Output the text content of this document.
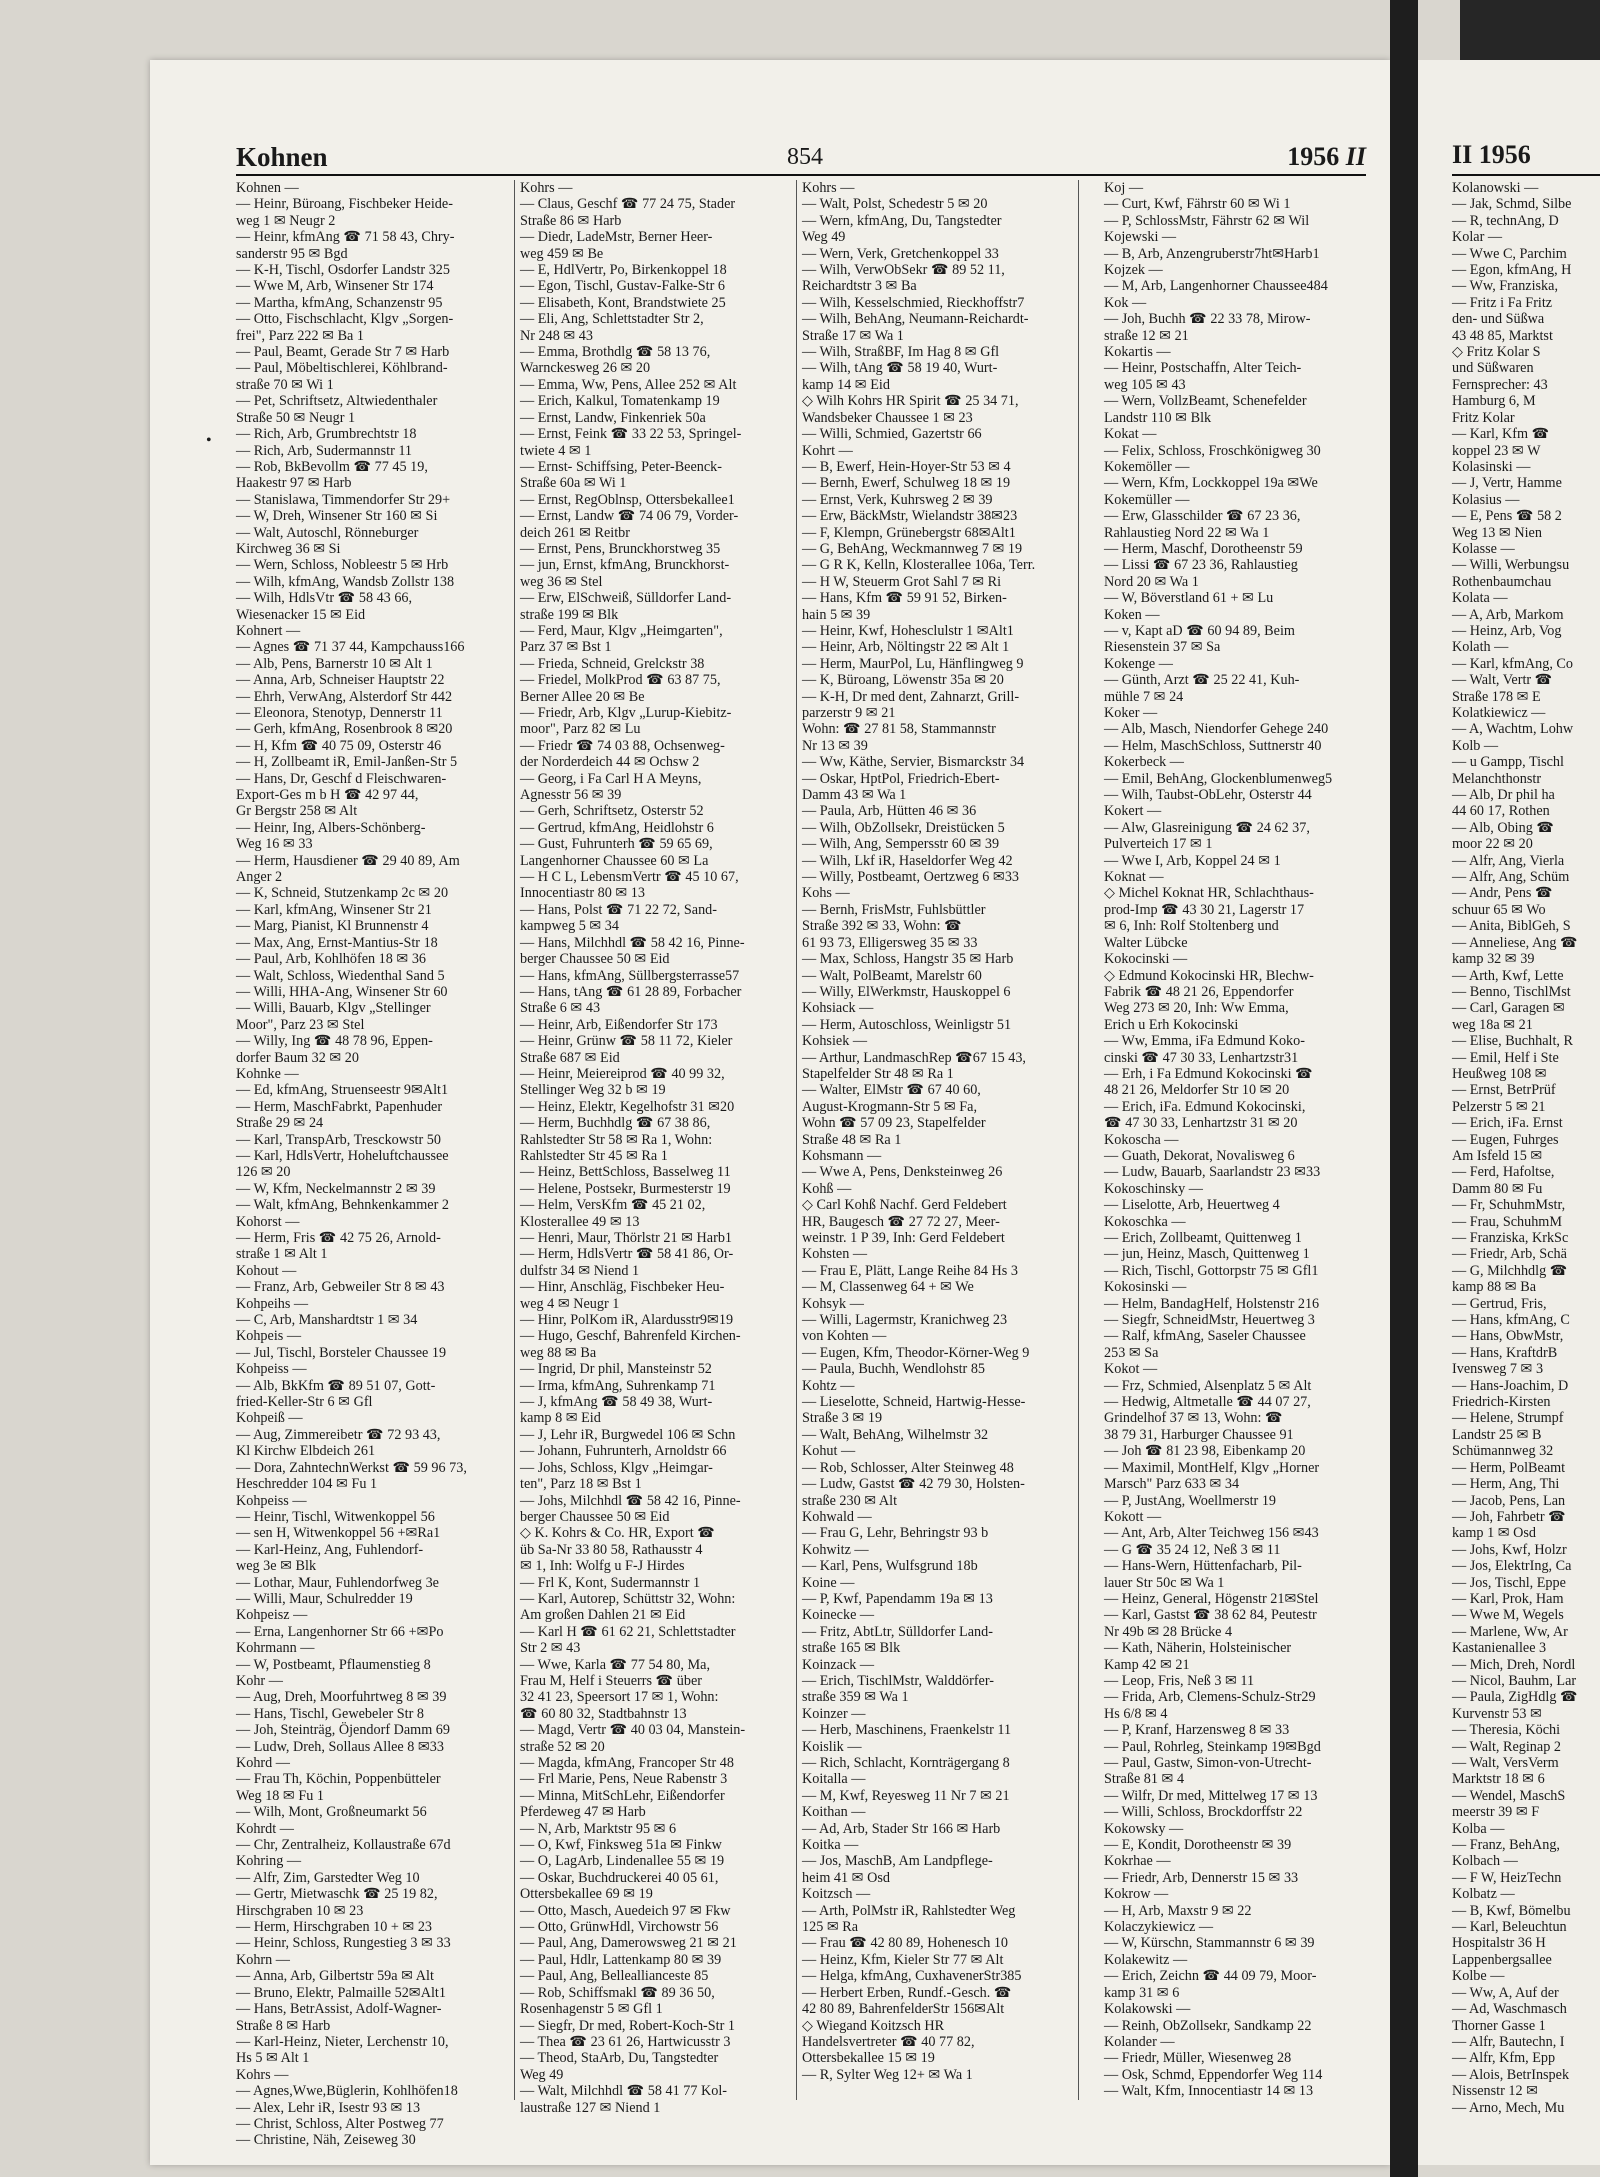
Kohnen	854	1956 II	II 1956
•
Kohnen —
— Heinr, Büroang, Fischbeker Heide-
weg 1 ✉ Neugr 2
— Heinr, kfmAng ☎ 71 58 43, Chry-
sanderstr 95 ✉ Bgd
— K-H, Tischl, Osdorfer Landstr 325
— Wwe M, Arb, Winsener Str 174
— Martha, kfmAng, Schanzenstr 95
— Otto, Fischschlacht, Klgv „Sorgen-
frei", Parz 222 ✉ Ba 1
— Paul, Beamt, Gerade Str 7 ✉ Harb
— Paul, Möbeltischlerei, Köhlbrand-
straße 70 ✉ Wi 1
— Pet, Schriftsetz, Altwiedenthaler
Straße 50 ✉ Neugr 1
— Rich, Arb, Grumbrechtstr 18
— Rich, Arb, Sudermannstr 11
— Rob, BkBevollm ☎ 77 45 19,
Haakestr 97 ✉ Harb
— Stanislawa, Timmendorfer Str 29+
— W, Dreh, Winsener Str 160 ✉ Si
— Walt, Autoschl, Rönneburger
Kirchweg 36 ✉ Si
— Wern, Schloss, Nobleestr 5 ✉ Hrb
— Wilh, kfmAng, Wandsb Zollstr 138
— Wilh, HdlsVtr ☎ 58 43 66,
Wiesenacker 15 ✉ Eid
Kohnert —
— Agnes ☎ 71 37 44, Kampchauss166
— Alb, Pens, Barnerstr 10 ✉ Alt 1
— Anna, Arb, Schneiser Hauptstr 22
— Ehrh, VerwAng, Alsterdorf Str 442
— Eleonora, Stenotyp, Dennerstr 11
— Gerh, kfmAng, Rosenbrook 8 ✉20
— H, Kfm ☎ 40 75 09, Osterstr 46
— H, Zollbeamt iR, Emil-Janßen-Str 5
— Hans, Dr, Geschf d Fleischwaren-
Export-Ges m b H ☎ 42 97 44,
Gr Bergstr 258 ✉ Alt
— Heinr, Ing, Albers-Schönberg-
Weg 16 ✉ 33
— Herm, Hausdiener ☎ 29 40 89, Am
Anger 2
— K, Schneid, Stutzenkamp 2c ✉ 20
— Karl, kfmAng, Winsener Str 21
— Marg, Pianist, Kl Brunnenstr 4
— Max, Ang, Ernst-Mantius-Str 18
— Paul, Arb, Kohlhöfen 18 ✉ 36
— Walt, Schloss, Wiedenthal Sand 5
— Willi, HHA-Ang, Winsener Str 60
— Willi, Bauarb, Klgv „Stellinger
Moor", Parz 23 ✉ Stel
— Willy, Ing ☎ 48 78 96, Eppen-
dorfer Baum 32 ✉ 20
Kohnke —
— Ed, kfmAng, Struenseestr 9✉Alt1
— Herm, MaschFabrkt, Papenhuder
Straße 29 ✉ 24
— Karl, TranspArb, Tresckowstr 50
— Karl, HdlsVertr, Hoheluftchaussee
126 ✉ 20
— W, Kfm, Neckelmannstr 2 ✉ 39
— Walt, kfmAng, Behnkenkammer 2
Kohorst —
— Herm, Fris ☎ 42 75 26, Arnold-
straße 1 ✉ Alt 1
Kohout —
— Franz, Arb, Gebweiler Str 8 ✉ 43
Kohpeihs —
— C, Arb, Manshardtstr 1 ✉ 34
Kohpeis —
— Jul, Tischl, Borsteler Chaussee 19
Kohpeiss —
— Alb, BkKfm ☎ 89 51 07, Gott-
fried-Keller-Str 6 ✉ Gfl
Kohpeiß —
— Aug, Zimmereibetr ☎ 72 93 43,
Kl Kirchw Elbdeich 261
— Dora, ZahntechnWerkst ☎ 59 96 73,
Heschredder 104 ✉ Fu 1
Kohpeiss —
— Heinr, Tischl, Witwenkoppel 56
— sen H, Witwenkoppel 56 +✉Ra1
— Karl-Heinz, Ang, Fuhlendorf-
weg 3e ✉ Blk
— Lothar, Maur, Fuhlendorfweg 3e
— Willi, Maur, Schulredder 19
Kohpeisz —
— Erna, Langenhorner Str 66 +✉Po
Kohrmann —
— W, Postbeamt, Pflaumenstieg 8
Kohr —
— Aug, Dreh, Moorfuhrtweg 8 ✉ 39
— Hans, Tischl, Gewebeler Str 8
— Joh, Steinträg, Öjendorf Damm 69
— Ludw, Dreh, Sollaus Allee 8 ✉33
Kohrd —
— Frau Th, Köchin, Poppenbütteler
Weg 18 ✉ Fu 1
— Wilh, Mont, Großneumarkt 56
Kohrdt —
— Chr, Zentralheiz, Kollaustraße 67d
Kohring —
— Alfr, Zim, Garstedter Weg 10
— Gertr, Mietwaschk ☎ 25 19 82,
Hirschgraben 10 ✉ 23
— Herm, Hirschgraben 10 + ✉ 23
— Heinr, Schloss, Rungestieg 3 ✉ 33
Kohrn —
— Anna, Arb, Gilbertstr 59a ✉ Alt
— Bruno, Elektr, Palmaille 52✉Alt1
— Hans, BetrAssist, Adolf-Wagner-
Straße 8 ✉ Harb
— Karl-Heinz, Nieter, Lerchenstr 10,
Hs 5 ✉ Alt 1
Kohrs —
— Agnes,Wwe,Büglerin, Kohlhöfen18
— Alex, Lehr iR, Isestr 93 ✉ 13
— Christ, Schloss, Alter Postweg 77
— Christine, Näh, Zeiseweg 30
Kohrs —
— Claus, Geschf ☎ 77 24 75, Stader
Straße 86 ✉ Harb
— Diedr, LadeMstr, Berner Heer-
weg 459 ✉ Be
— E, HdlVertr, Po, Birkenkoppel 18
— Egon, Tischl, Gustav-Falke-Str 6
— Elisabeth, Kont, Brandstwiete 25
— Eli, Ang, Schlettstadter Str 2,
Nr 248 ✉ 43
— Emma, Brothdlg ☎ 58 13 76,
Warnckesweg 26 ✉ 20
— Emma, Ww, Pens, Allee 252 ✉ Alt
— Erich, Kalkul, Tomatenkamp 19
— Ernst, Landw, Finkenriek 50a
— Ernst, Feink ☎ 33 22 53, Springel-
twiete 4 ✉ 1
— Ernst- Schiffsing, Peter-Beenck-
Straße 60a ✉ Wi 1
— Ernst, RegOblnsp, Ottersbekallee1
— Ernst, Landw ☎ 74 06 79, Vorder-
deich 261 ✉ Reitbr
— Ernst, Pens, Brunckhorstweg 35
— jun, Ernst, kfmAng, Brunckhorst-
weg 36 ✉ Stel
— Erw, ElSchweiß, Sülldorfer Land-
straße 199 ✉ Blk
— Ferd, Maur, Klgv „Heimgarten",
Parz 37 ✉ Bst 1
— Frieda, Schneid, Grelckstr 38
— Friedel, MolkProd ☎ 63 87 75,
Berner Allee 20 ✉ Be
— Friedr, Arb, Klgv „Lurup-Kiebitz-
moor", Parz 82 ✉ Lu
— Friedr ☎ 74 03 88, Ochsenweg-
der Norderdeich 44 ✉ Ochsw 2
— Georg, i Fa Carl H A Meyns,
Agnesstr 56 ✉ 39
— Gerh, Schriftsetz, Osterstr 52
— Gertrud, kfmAng, Heidlohstr 6
— Gust, Fuhrunterh ☎ 59 65 69,
Langenhorner Chaussee 60 ✉ La
— H C L, LebensmVertr ☎ 45 10 67,
Innocentiastr 80 ✉ 13
— Hans, Polst ☎ 71 22 72, Sand-
kampweg 5 ✉ 34
— Hans, Milchhdl ☎ 58 42 16, Pinne-
berger Chaussee 50 ✉ Eid
— Hans, kfmAng, Süllbergsterrasse57
— Hans, tAng ☎ 61 28 89, Forbacher
Straße 6 ✉ 43
— Heinr, Arb, Eißendorfer Str 173
— Heinr, Grünw ☎ 58 11 72, Kieler
Straße 687 ✉ Eid
— Heinr, Meiereiprod ☎ 40 99 32,
Stellinger Weg 32 b ✉ 19
— Heinz, Elektr, Kegelhofstr 31 ✉20
— Herm, Buchhdlg ☎ 67 38 86,
Rahlstedter Str 58 ✉ Ra 1, Wohn:
Rahlstedter Str 45 ✉ Ra 1
— Heinz, BettSchloss, Basselweg 11
— Helene, Postsekr, Burmesterstr 19
— Helm, VersKfm ☎ 45 21 02,
Klosterallee 49 ✉ 13
— Henri, Maur, Thörlstr 21 ✉ Harb1
— Herm, HdlsVertr ☎ 58 41 86, Or-
dulfstr 34 ✉ Niend 1
— Hinr, Anschläg, Fischbeker Heu-
weg 4 ✉ Neugr 1
— Hinr, PolKom iR, Alardusstr9✉19
— Hugo, Geschf, Bahrenfeld Kirchen-
weg 88 ✉ Ba
— Ingrid, Dr phil, Mansteinstr 52
— Irma, kfmAng, Suhrenkamp 71
— J, kfmAng ☎ 58 49 38, Wurt-
kamp 8 ✉ Eid
— J, Lehr iR, Burgwedel 106 ✉ Schn
— Johann, Fuhrunterh, Arnoldstr 66
— Johs, Schloss, Klgv „Heimgar-
ten", Parz 18 ✉ Bst 1
— Johs, Milchhdl ☎ 58 42 16, Pinne-
berger Chaussee 50 ✉ Eid
◇ K. Kohrs & Co. HR, Export ☎
üb Sa-Nr 33 80 58, Rathausstr 4
✉ 1, Inh: Wolfg u F-J Hirdes
— Frl K, Kont, Sudermannstr 1
— Karl, Autorep, Schüttstr 32, Wohn:
Am großen Dahlen 21 ✉ Eid
— Karl H ☎ 61 62 21, Schlettstadter
Str 2 ✉ 43
— Wwe, Karla ☎ 77 54 80, Ma,
Frau M, Helf i Steuerrs ☎ über
32 41 23, Speersort 17 ✉ 1, Wohn:
☎ 60 80 32, Stadtbahnstr 13
— Magd, Vertr ☎ 40 03 04, Manstein-
straße 52 ✉ 20
— Magda, kfmAng, Francoper Str 48
— Frl Marie, Pens, Neue Rabenstr 3
— Minna, MitSchLehr, Eißendorfer
Pferdeweg 47 ✉ Harb
— N, Arb, Marktstr 95 ✉ 6
— O, Kwf, Finksweg 51a ✉ Finkw
— O, LagArb, Lindenallee 55 ✉ 19
— Oskar, Buchdruckerei 40 05 61,
Ottersbekallee 69 ✉ 19
— Otto, Masch, Auedeich 97 ✉ Fkw
— Otto, GrünwHdl, Virchowstr 56
— Paul, Ang, Damerowsweg 21 ✉ 21
— Paul, Hdlr, Lattenkamp 80 ✉ 39
— Paul, Ang, Belleallianceste 85
— Rob, Schiffsmakl ☎ 89 36 50,
Rosenhagenstr 5 ✉ Gfl 1
— Siegfr, Dr med, Robert-Koch-Str 1
— Thea ☎ 23 61 26, Hartwicusstr 3
— Theod, StaArb, Du, Tangstedter
Weg 49
— Walt, Milchhdl ☎ 58 41 77 Kol-
laustraße 127 ✉ Niend 1
Kohrs —
— Walt, Polst, Schedestr 5 ✉ 20
— Wern, kfmAng, Du, Tangstedter
Weg 49
— Wern, Verk, Gretchenkoppel 33
— Wilh, VerwObSekr ☎ 89 52 11,
Reichardtstr 3 ✉ Ba
— Wilh, Kesselschmied, Rieckhoffstr7
— Wilh, BehAng, Neumann-Reichardt-
Straße 17 ✉ Wa 1
— Wilh, StraßBF, Im Hag 8 ✉ Gfl
— Wilh, tAng ☎ 58 19 40, Wurt-
kamp 14 ✉ Eid
◇ Wilh Kohrs HR Spirit ☎ 25 34 71,
Wandsbeker Chaussee 1 ✉ 23
— Willi, Schmied, Gazertstr 66
Kohrt —
— B, Ewerf, Hein-Hoyer-Str 53 ✉ 4
— Bernh, Ewerf, Schulweg 18 ✉ 19
— Ernst, Verk, Kuhrsweg 2 ✉ 39
— Erw, BäckMstr, Wielandstr 38✉23
— F, Klempn, Grünebergstr 68✉Alt1
— G, BehAng, Weckmannweg 7 ✉ 19
— G R K, Kelln, Klosterallee 106a, Terr.
— H W, Steuerm Grot Sahl 7 ✉ Ri
— Hans, Kfm ☎ 59 91 52, Birken-
hain 5 ✉ 39
— Heinr, Kwf, Hohesclulstr 1 ✉Alt1
— Heinr, Arb, Nöltingstr 22 ✉ Alt 1
— Herm, MaurPol, Lu, Hänflingweg 9
— K, Büroang, Löwenstr 35a ✉ 20
— K-H, Dr med dent, Zahnarzt, Grill-
parzerstr 9 ✉ 21
Wohn: ☎ 27 81 58, Stammannstr
Nr 13 ✉ 39
— Ww, Käthe, Servier, Bismarckstr 34
— Oskar, HptPol, Friedrich-Ebert-
Damm 43 ✉ Wa 1
— Paula, Arb, Hütten 46 ✉ 36
— Wilh, ObZollsekr, Dreistücken 5
— Wilh, Ang, Sempersstr 60 ✉ 39
— Wilh, Lkf iR, Haseldorfer Weg 42
— Willy, Postbeamt, Oertzweg 6 ✉33
Kohs —
— Bernh, FrisMstr, Fuhlsbüttler
Straße 392 ✉ 33, Wohn: ☎
61 93 73, Elligersweg 35 ✉ 33
— Max, Schloss, Hangstr 35 ✉ Harb
— Walt, PolBeamt, Marelstr 60
— Willy, ElWerkmstr, Hauskoppel 6
Kohsiack —
— Herm, Autoschloss, Weinligstr 51
Kohsiek —
— Arthur, LandmaschRep ☎67 15 43,
Stapelfelder Str 48 ✉ Ra 1
— Walter, ElMstr ☎ 67 40 60,
August-Krogmann-Str 5 ✉ Fa,
Wohn ☎ 57 09 23, Stapelfelder
Straße 48 ✉ Ra 1
Kohsmann —
— Wwe A, Pens, Denksteinweg 26
Kohß —
◇ Carl Kohß Nachf. Gerd Feldebert
HR, Baugesch ☎ 27 72 27, Meer-
weinstr. 1 P 39, Inh: Gerd Feldebert
Kohsten —
— Frau E, Plätt, Lange Reihe 84 Hs 3
— M, Classenweg 64 + ✉ We
Kohsyk —
— Willi, Lagermstr, Kranichweg 23
von Kohten —
— Eugen, Kfm, Theodor-Körner-Weg 9
— Paula, Buchh, Wendlohstr 85
Kohtz —
— Lieselotte, Schneid, Hartwig-Hesse-
Straße 3 ✉ 19
— Walt, BehAng, Wilhelmstr 32
Kohut —
— Rob, Schlosser, Alter Steinweg 48
— Ludw, Gastst ☎ 42 79 30, Holsten-
straße 230 ✉ Alt
Kohwald —
— Frau G, Lehr, Behringstr 93 b
Kohwitz —
— Karl, Pens, Wulfsgrund 18b
Koine —
— P, Kwf, Papendamm 19a ✉ 13
Koinecke —
— Fritz, AbtLtr, Sülldorfer Land-
straße 165 ✉ Blk
Koinzack —
— Erich, TischlMstr, Walddörfer-
straße 359 ✉ Wa 1
Koinzer —
— Herb, Maschinens, Fraenkelstr 11
Koislik —
— Rich, Schlacht, Kornträgergang 8
Koitalla —
— M, Kwf, Reyesweg 11 Nr 7 ✉ 21
Koithan —
— Ad, Arb, Stader Str 166 ✉ Harb
Koitka —
— Jos, MaschB, Am Landpflege-
heim 41 ✉ Osd
Koitzsch —
— Arth, PolMstr iR, Rahlstedter Weg
125 ✉ Ra
— Frau ☎ 42 80 89, Hohenesch 10
— Heinz, Kfm, Kieler Str 77 ✉ Alt
— Helga, kfmAng, CuxhavenerStr385
— Herbert Erben, Rundf.-Gesch. ☎
42 80 89, BahrenfelderStr 156✉Alt
◇ Wiegand Koitzsch HR
Handelsvertreter ☎ 40 77 82,
Ottersbekallee 15 ✉ 19
— R, Sylter Weg 12+ ✉ Wa 1
Koj —
— Curt, Kwf, Fährstr 60 ✉ Wi 1
— P, SchlossMstr, Fährstr 62 ✉ Wil
Kojewski —
— B, Arb, Anzengruberstr7ht✉Harb1
Kojzek —
— M, Arb, Langenhorner Chaussee484
Kok —
— Joh, Buchh ☎ 22 33 78, Mirow-
straße 12 ✉ 21
Kokartis —
— Heinr, Postschaffn, Alter Teich-
weg 105 ✉ 43
— Wern, VollzBeamt, Schenefelder
Landstr 110 ✉ Blk
Kokat —
— Felix, Schloss, Froschkönigweg 30
Kokemöller —
— Wern, Kfm, Lockkoppel 19a ✉We
Kokemüller —
— Erw, Glasschilder ☎ 67 23 36,
Rahlaustieg Nord 22 ✉ Wa 1
— Herm, Maschf, Dorotheenstr 59
— Lissi ☎ 67 23 36, Rahlaustieg
Nord 20 ✉ Wa 1
— W, Böverstland 61 + ✉ Lu
Koken —
— v, Kapt aD ☎ 60 94 89, Beim
Riesenstein 37 ✉ Sa
Kokenge —
— Günth, Arzt ☎ 25 22 41, Kuh-
mühle 7 ✉ 24
Koker —
— Alb, Masch, Niendorfer Gehege 240
— Helm, MaschSchloss, Suttnerstr 40
Kokerbeck —
— Emil, BehAng, Glockenblumenweg5
— Wilh, Taubst-ObLehr, Osterstr 44
Kokert —
— Alw, Glasreinigung ☎ 24 62 37,
Pulverteich 17 ✉ 1
— Wwe I, Arb, Koppel 24 ✉ 1
Koknat —
◇ Michel Koknat HR, Schlachthaus-
prod-Imp ☎ 43 30 21, Lagerstr 17
✉ 6, Inh: Rolf Stoltenberg und
Walter Lübcke
Kokocinski —
◇ Edmund Kokocinski HR, Blechw-
Fabrik ☎ 48 21 26, Eppendorfer
Weg 273 ✉ 20, Inh: Ww Emma,
Erich u Erh Kokocinski
— Ww, Emma, iFa Edmund Koko-
cinski ☎ 47 30 33, Lenhartzstr31
— Erh, i Fa Edmund Kokocinski ☎
48 21 26, Meldorfer Str 10 ✉ 20
— Erich, iFa. Edmund Kokocinski,
☎ 47 30 33, Lenhartzstr 31 ✉ 20
Kokoscha —
— Guath, Dekorat, Novalisweg 6
— Ludw, Bauarb, Saarlandstr 23 ✉33
Kokoschinsky —
— Liselotte, Arb, Heuertweg 4
Kokoschka —
— Erich, Zollbeamt, Quittenweg 1
— jun, Heinz, Masch, Quittenweg 1
— Rich, Tischl, Gottorpstr 75 ✉ Gfl1
Kokosinski —
— Helm, BandagHelf, Holstenstr 216
— Siegfr, SchneidMstr, Heuertweg 3
— Ralf, kfmAng, Saseler Chaussee
253 ✉ Sa
Kokot —
— Frz, Schmied, Alsenplatz 5 ✉ Alt
— Hedwig, Altmetalle ☎ 44 07 27,
Grindelhof 37 ✉ 13, Wohn: ☎
38 79 31, Harburger Chaussee 91
— Joh ☎ 81 23 98, Eibenkamp 20
— Maximil, MontHelf, Klgv „Horner
Marsch" Parz 633 ✉ 34
— P, JustAng, Woellmerstr 19
Kokott —
— Ant, Arb, Alter Teichweg 156 ✉43
— G ☎ 35 24 12, Neß 3 ✉ 11
— Hans-Wern, Hüttenfacharb, Pil-
lauer Str 50c ✉ Wa 1
— Heinz, General, Högenstr 21✉Stel
— Karl, Gastst ☎ 38 62 84, Peutestr
Nr 49b ✉ 28 Brücke 4
— Kath, Näherin, Holsteinischer
Kamp 42 ✉ 21
— Leop, Fris, Neß 3 ✉ 11
— Frida, Arb, Clemens-Schulz-Str29
Hs 6/8 ✉ 4
— P, Kranf, Harzensweg 8 ✉ 33
— Paul, Rohrleg, Steinkamp 19✉Bgd
— Paul, Gastw, Simon-von-Utrecht-
Straße 81 ✉ 4
— Wilfr, Dr med, Mittelweg 17 ✉ 13
— Willi, Schloss, Brockdorffstr 22
Kokowsky —
— E, Kondit, Dorotheenstr ✉ 39
Kokrhae —
— Friedr, Arb, Dennerstr 15 ✉ 33
Kokrow —
— H, Arb, Maxstr 9 ✉ 22
Kolaczykiewicz —
— W, Kürschn, Stammannstr 6 ✉ 39
Kolakewitz —
— Erich, Zeichn ☎ 44 09 79, Moor-
kamp 31 ✉ 6
Kolakowski —
— Reinh, ObZollsekr, Sandkamp 22
Kolander —
— Friedr, Müller, Wiesenweg 28
— Osk, Schmd, Eppendorfer Weg 114
— Walt, Kfm, Innocentiastr 14 ✉ 13
Kolanowski —
— Jak, Schmd, Silbe
— R, technAng, D
Kolar —
— Wwe C, Parchim
— Egon, kfmAng, H
— Ww, Franziska,
— Fritz i Fa Fritz
den- und Süßwa
43 48 85, Marktst
◇ Fritz Kolar S
und Süßwaren
Fernsprecher: 43
Hamburg 6, M
Fritz Kolar
— Karl, Kfm ☎
koppel 23 ✉ W
Kolasinski —
— J, Vertr, Hamme
Kolasius —
— E, Pens ☎ 58 2
Weg 13 ✉ Nien
Kolasse —
— Willi, Werbungsu
Rothenbaumchau
Kolata —
— A, Arb, Markom
— Heinz, Arb, Vog
Kolath —
— Karl, kfmAng, Co
— Walt, Vertr ☎
Straße 178 ✉ E
Kolatkiewicz —
— A, Wachtm, Lohw
Kolb —
— u Gampp, Tischl
Melanchthonstr
— Alb, Dr phil ha
44 60 17, Rothen
— Alb, Obing ☎
moor 22 ✉ 20
— Alfr, Ang, Vierla
— Alfr, Ang, Schüm
— Andr, Pens ☎
schuur 65 ✉ Wo
— Anita, BiblGeh, S
— Anneliese, Ang ☎
kamp 32 ✉ 39
— Arth, Kwf, Lette
— Benno, TischlMst
— Carl, Garagen ✉
weg 18a ✉ 21
— Elise, Buchhalt, R
— Emil, Helf i Ste
Heußweg 108 ✉
— Ernst, BetrPrüf
Pelzerstr 5 ✉ 21
— Erich, iFa. Ernst
— Eugen, Fuhrges
Am Isfeld 15 ✉
— Ferd, Hafoltse,
Damm 80 ✉ Fu
— Fr, SchuhmMstr,
— Frau, SchuhmM
— Franziska, KrkSc
— Friedr, Arb, Schä
— G, Milchhdlg ☎
kamp 88 ✉ Ba
— Gertrud, Fris,
— Hans, kfmAng, C
— Hans, ObwMstr,
— Hans, KraftdrB
Ivensweg 7 ✉ 3
— Hans-Joachim, D
Friedrich-Kirsten
— Helene, Strumpf
Landstr 25 ✉ B
Schümannweg 32
— Herm, PolBeamt
— Herm, Ang, Thi
— Jacob, Pens, Lan
— Joh, Fahrbetr ☎
kamp 1 ✉ Osd
— Johs, Kwf, Holzr
— Jos, ElektrIng, Ca
— Jos, Tischl, Eppe
— Karl, Prok, Ham
— Wwe M, Wegels
— Marlene, Ww, Ar
Kastanienallee 3
— Mich, Dreh, Nordl
— Nicol, Bauhm, Lar
— Paula, ZigHdlg ☎
Kurvenstr 53 ✉
— Theresia, Köchi
— Walt, Reginap 2
— Walt, VersVerm
Marktstr 18 ✉ 6
— Wendel, MaschS
meerstr 39 ✉ F
Kolba —
— Franz, BehAng,
Kolbach —
— F W, HeizTechn
Kolbatz —
— B, Kwf, Bömelbu
— Karl, Beleuchtun
Hospitalstr 36 H
Lappenbergsallee
Kolbe —
— Ww, A, Auf der
— Ad, Waschmasch
Thorner Gasse 1
— Alfr, Bautechn, I
— Alfr, Kfm, Epp
— Alois, BetrInspek
Nissenstr 12 ✉
— Arno, Mech, Mu
